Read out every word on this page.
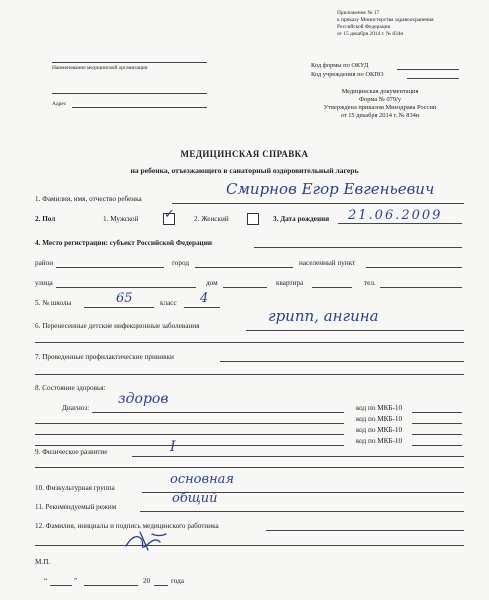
Приложение № 17
к приказу Министерства здравоохранения
Российской Федерации
от 15 декабря 2014 г. № 834н
Наименование медицинской организации
Адрес
Код формы по ОКУД
Код учреждения по ОКПО
Медицинская документация
Форма № 079/у
Утверждена приказом Минздрава России
от 15 декабря 2014 г. № 834н
МЕДИЦИНСКАЯ СПРАВКА
на ребенка, отъезжающего в санаторный оздоровительный лагерь
1. Фамилия, имя, отчество ребенка
Смирнов Егор Евгеньевич
2. Пол	1. Мужской ✓	2. Женский	3. Дата рождения 21.06.2009
4. Место регистрации: субъект Российской Федерации
район	город	населенный пункт
улица	дом	квартира	тел.
5. № школы	65	класс 4
6. Перенесенные детские инфекционные заболевания
грипп, ангина
7. Проведенные профилактические прививки
8. Состояние здоровья:
Диагноз:
здоров
код по МКБ-10
код по МКБ-10
код по МКБ-10
код по МКБ-10
9. Физическое развитие	I
10. Физкультурная группа
основная
11. Рекомендуемый режим
общий
12. Фамилия, инициалы и подпись медицинского работника
М.П.
“	”	20	года
